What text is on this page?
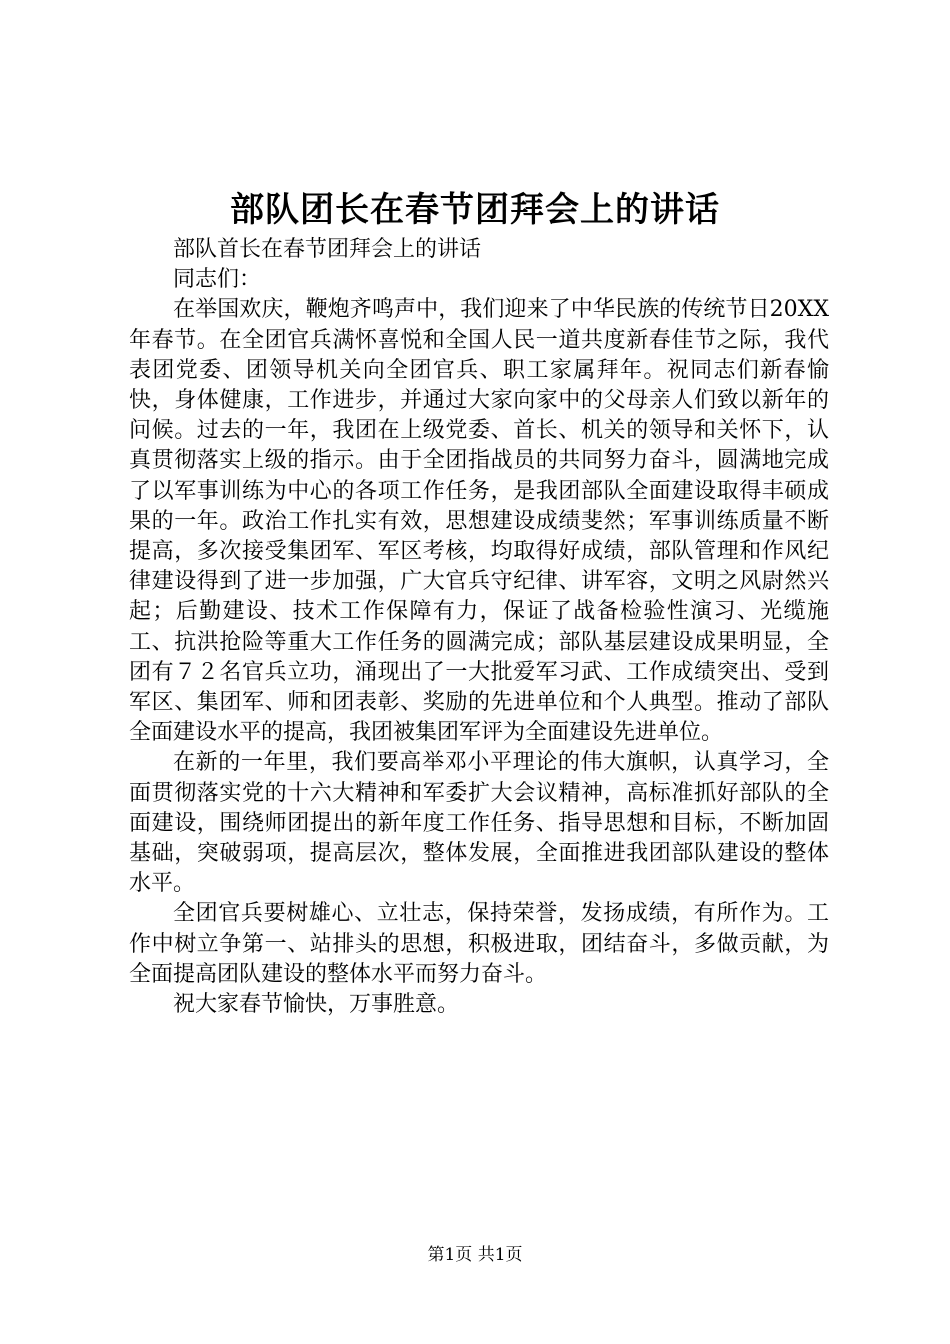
部队团长在春节团拜会上的讲话

部队首长在春节团拜会上的讲话

同志们：

在举国欢庆，鞭炮齐鸣声中，我们迎来了中华民族的传统节日20XX年春节。在全团官兵满怀喜悦和全国人民一道共度新春佳节之际，我代表团党委、团领导机关向全团官兵、职工家属拜年。祝同志们新春愉快，身体健康，工作进步，并通过大家向家中的父母亲人们致以新年的问候。过去的一年，我团在上级党委、首长、机关的领导和关怀下，认真贯彻落实上级的指示。由于全团指战员的共同努力奋斗，圆满地完成了以军事训练为中心的各项工作任务，是我团部队全面建设取得丰硕成果的一年。政治工作扎实有效，思想建设成绩斐然；军事训练质量不断提高，多次接受集团军、军区考核，均取得好成绩，部队管理和作风纪律建设得到了进一步加强，广大官兵守纪律、讲军容，文明之风尉然兴起；后勤建设、技术工作保障有力，保证了战备检验性演习、光缆施工、抗洪抢险等重大工作任务的圆满完成；部队基层建设成果明显，全团有７２名官兵立功，涌现出了一大批爱军习武、工作成绩突出、受到军区、集团军、师和团表彰、奖励的先进单位和个人典型。推动了部队全面建设水平的提高，我团被集团军评为全面建设先进单位。

在新的一年里，我们要高举邓小平理论的伟大旗帜，认真学习，全面贯彻落实党的十六大精神和军委扩大会议精神，高标准抓好部队的全面建设，围绕师团提出的新年度工作任务、指导思想和目标，不断加固基础，突破弱项，提高层次，整体发展，全面推进我团部队建设的整体水平。

全团官兵要树雄心、立壮志，保持荣誉，发扬成绩，有所作为。工作中树立争第一、站排头的思想，积极进取，团结奋斗，多做贡献，为全面提高团队建设的整体水平而努力奋斗。

祝大家春节愉快，万事胜意。

第1页 共1页
